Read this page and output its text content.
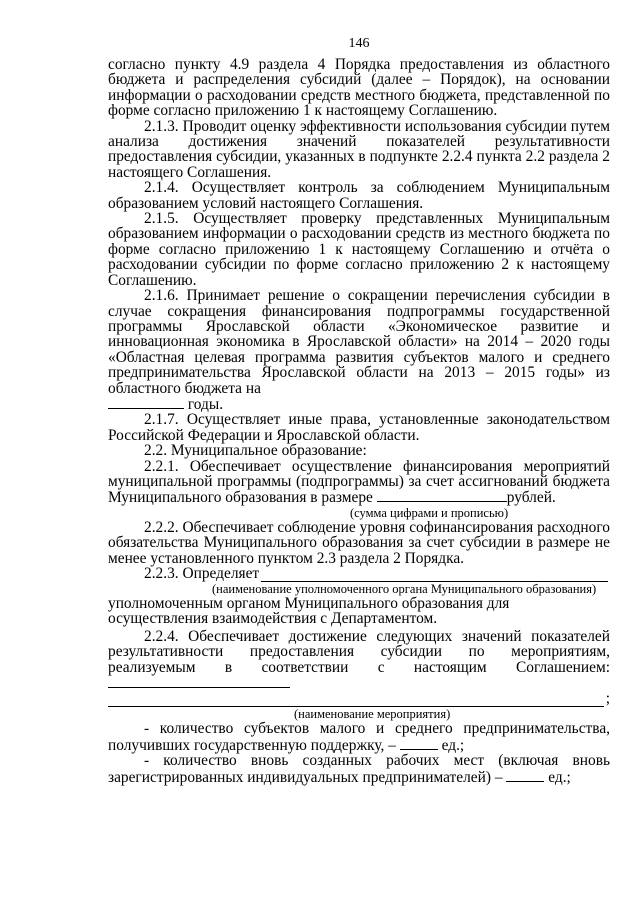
146

согласно пункту 4.9 раздела 4 Порядка предоставления из областного бюджета и распределения субсидий (далее – Порядок), на основании информации о расходовании средств местного бюджета, представленной по форме согласно приложению 1 к настоящему Соглашению.

2.1.3. Проводит оценку эффективности использования субсидии путем анализа достижения значений показателей результативности предоставления субсидии, указанных в подпункте 2.2.4 пункта 2.2 раздела 2 настоящего Соглашения.

2.1.4. Осуществляет контроль за соблюдением Муниципальным образованием условий настоящего Соглашения.

2.1.5. Осуществляет проверку представленных Муниципальным образованием информации о расходовании средств из местного бюджета по форме согласно приложению 1 к настоящему Соглашению и отчёта о расходовании субсидии по форме согласно приложению 2 к настоящему Соглашению.

2.1.6. Принимает решение о сокращении перечисления субсидии в случае сокращения финансирования подпрограммы государственной программы Ярославской области «Экономическое развитие и инновационная экономика в Ярославской области» на 2014 – 2020 годы «Областная целевая программа развития субъектов малого и среднего предпринимательства Ярославской области на 2013 – 2015 годы» из областного бюджета на
годы.

2.1.7. Осуществляет иные права, установленные законодательством Российской Федерации и Ярославской области.

2.2. Муниципальное образование:

2.2.1. Обеспечивает осуществление финансирования мероприятий муниципальной программы (подпрограммы) за счет ассигнований бюджета Муниципального образования в размере	рублей.

(сумма цифрами и прописью)

2.2.2. Обеспечивает соблюдение уровня софинансирования расходного обязательства Муниципального образования за счет субсидии в размере не менее установленного пунктом 2.3 раздела 2 Порядка.

2.2.3. Определяет
(наименование уполномоченного органа Муниципального образования)

уполномоченным органом Муниципального образования для осуществления взаимодействия с Департаментом.

2.2.4. Обеспечивает достижение следующих значений показателей результативности предоставления субсидии по мероприятиям, реализуемым в соответствии с настоящим Соглашением:

;
(наименование мероприятия)

- количество субъектов малого и среднего предпринимательства, получивших государственную поддержку, –	ед.;

- количество вновь созданных рабочих мест (включая вновь зарегистрированных индивидуальных предпринимателей) –	ед.;
